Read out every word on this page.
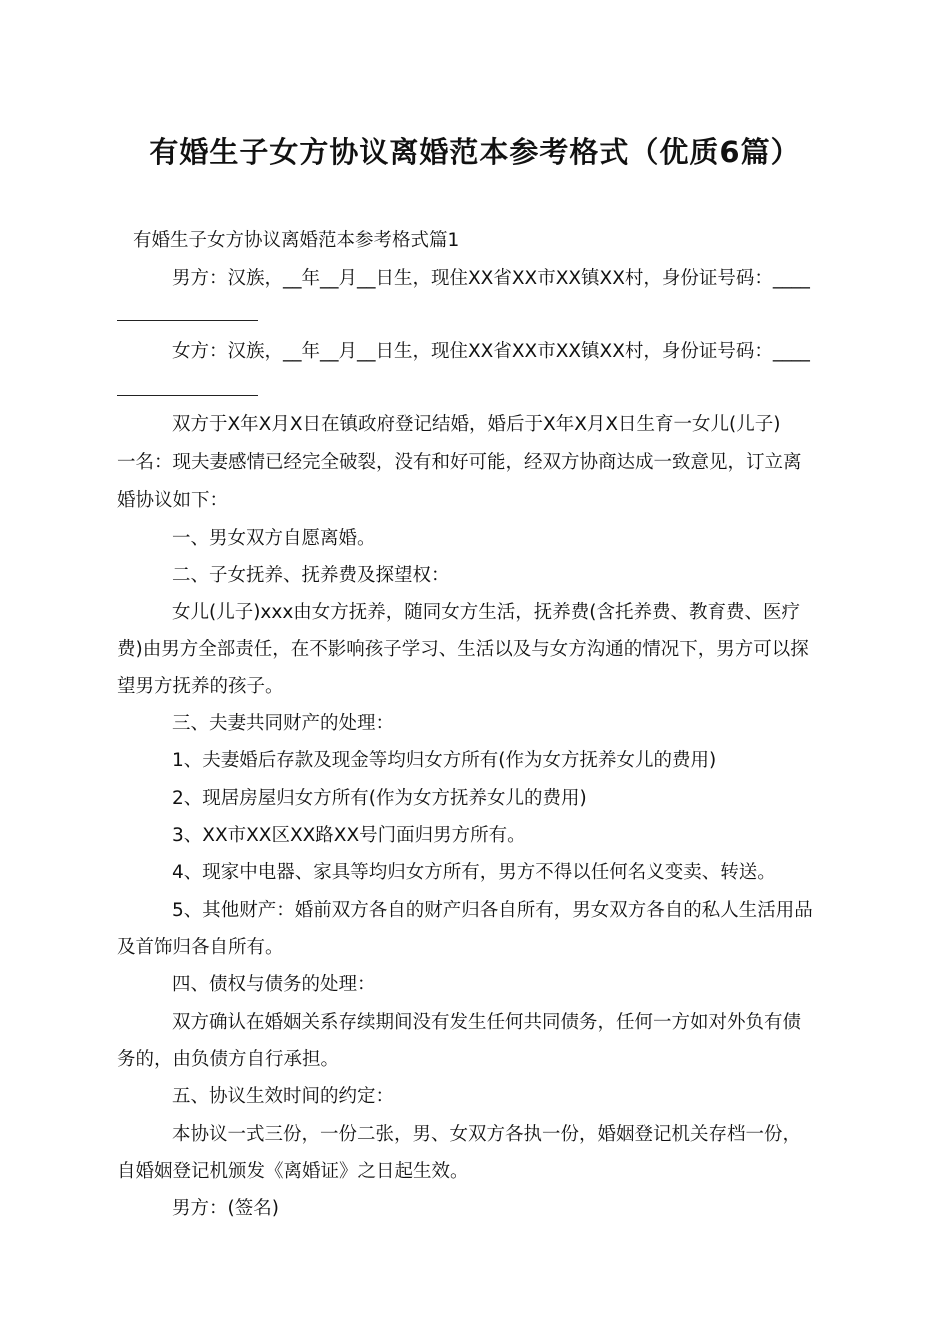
有婚生子女方协议离婚范本参考格式（优质6篇）
有婚生子女方协议离婚范本参考格式篇1
男方：汉族，__年__月__日生，现住XX省XX市XX镇XX村，身份证号码：____
女方：汉族，__年__月__日生，现住XX省XX市XX镇XX村，身份证号码：____
双方于X年X月X日在镇政府登记结婚，婚后于X年X月X日生育一女儿(儿子)
一名：现夫妻感情已经完全破裂，没有和好可能，经双方协商达成一致意见，订立离
婚协议如下：
一、男女双方自愿离婚。
二、子女抚养、抚养费及探望权：
女儿(儿子)xxx由女方抚养，随同女方生活，抚养费(含托养费、教育费、医疗
费)由男方全部责任，在不影响孩子学习、生活以及与女方沟通的情况下，男方可以探
望男方抚养的孩子。
三、夫妻共同财产的处理：
1、夫妻婚后存款及现金等均归女方所有(作为女方抚养女儿的费用)
2、现居房屋归女方所有(作为女方抚养女儿的费用)
3、XX市XX区XX路XX号门面归男方所有。
4、现家中电器、家具等均归女方所有，男方不得以任何名义变卖、转送。
5、其他财产：婚前双方各自的财产归各自所有，男女双方各自的私人生活用品
及首饰归各自所有。
四、债权与债务的处理：
双方确认在婚姻关系存续期间没有发生任何共同债务，任何一方如对外负有债
务的，由负债方自行承担。
五、协议生效时间的约定：
本协议一式三份，一份二张，男、女双方各执一份，婚姻登记机关存档一份，
自婚姻登记机颁发《离婚证》之日起生效。
男方：(签名)
